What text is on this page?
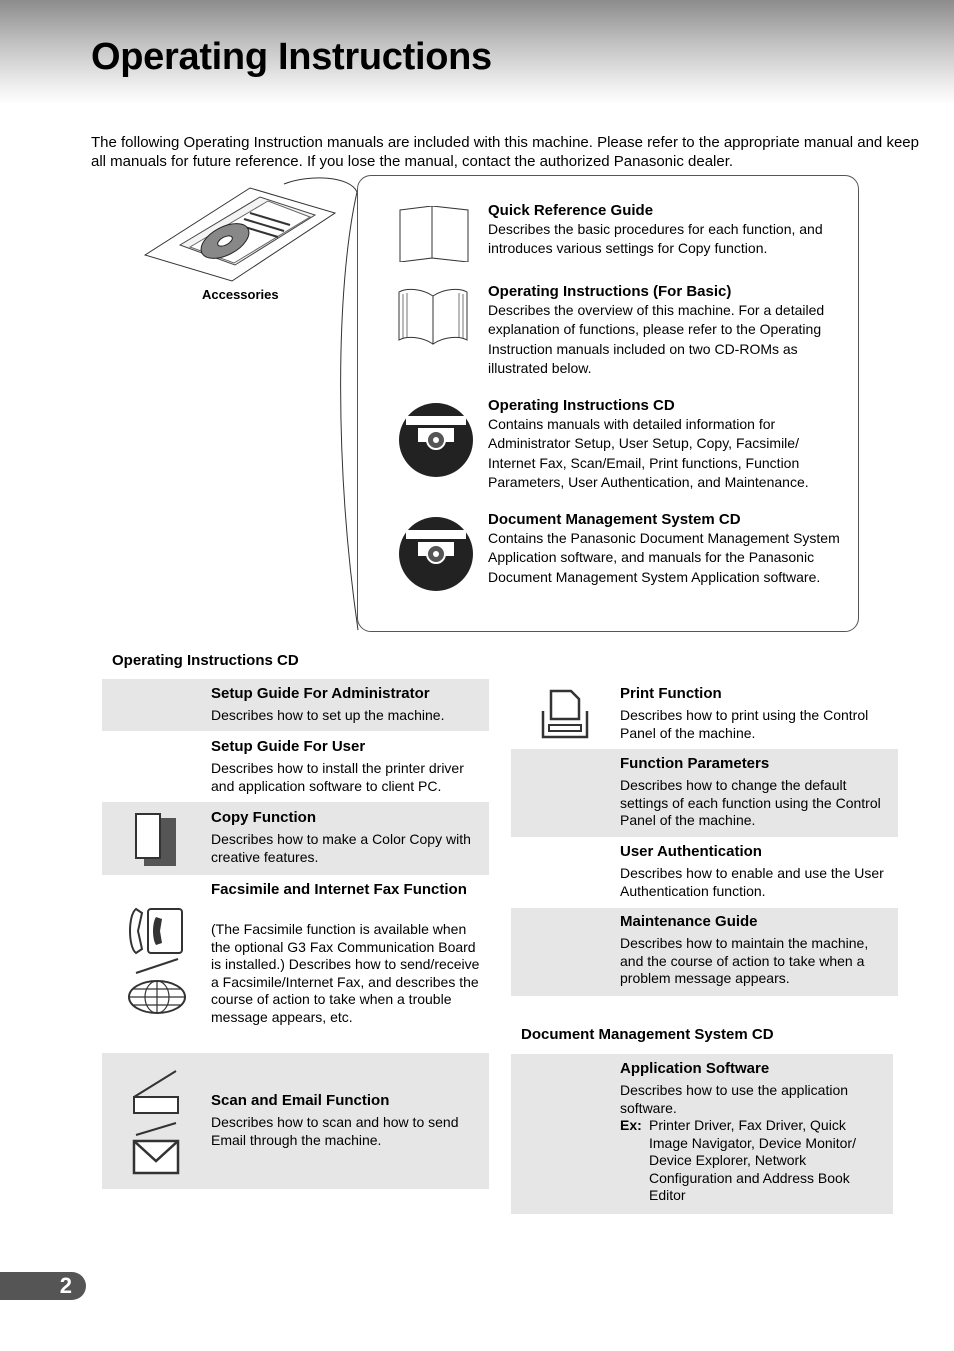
Operating Instructions

The following Operating Instruction manuals are included with this machine. Please refer to the appropriate manual and keep all manuals for future reference. If you lose the manual, contact the authorized Panasonic dealer.

Accessories
Quick Reference Guide
Describes the basic procedures for each function, and introduces various settings for Copy function.
Operating Instructions (For Basic)
Describes the overview of this machine. For a detailed explanation of functions, please refer to the Operating Instruction manuals included on two CD-ROMs as illustrated below.
Operating Instructions CD
Contains manuals with detailed information for Administrator Setup, User Setup, Copy, Facsimile/ Internet Fax, Scan/Email, Print functions, Function Parameters, User Authentication, and Maintenance.
Document Management System CD
Contains the Panasonic Document Management System Application software, and manuals for the Panasonic Document Management System Application software.
Operating Instructions CD
Setup Guide For Administrator
Describes how to set up the machine.
Setup Guide For User
Describes how to install the printer driver and application software to client PC.
Copy Function
Describes how to make a Color Copy with creative features.
Facsimile and Internet Fax Function
(The Facsimile function is available when the optional G3 Fax Communication Board is installed.) Describes how to send/receive a Facsimile/Internet Fax, and describes the course of action to take when a trouble message appears, etc.
Scan and Email Function
Describes how to scan and how to send Email through the machine.
Print Function
Describes how to print using the Control Panel of the machine.
Function Parameters
Describes how to change the default settings of each function using the Control Panel of the machine.
User Authentication
Describes how to enable and use the User Authentication function.
Maintenance Guide
Describes how to maintain the machine, and the course of action to take when a problem message appears.
Document Management System CD
Application Software
Describes how to use the application software.
Ex: Printer Driver, Fax Driver, Quick Image Navigator, Device Monitor/ Device Explorer, Network Configuration and Address Book Editor
2
